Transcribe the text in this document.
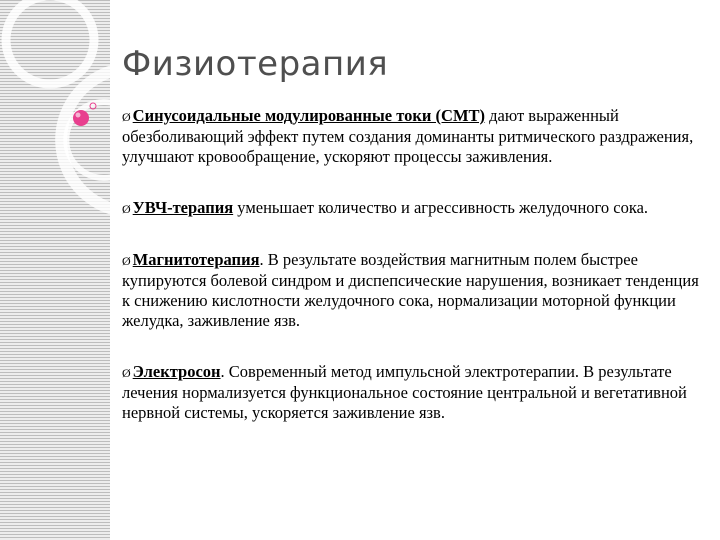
Физиотерапия

Ø Синусоидальные модулированные токи (СМТ) дают выраженный обезболивающий эффект путем создания доминанты ритмического раздражения, улучшают кровообращение, ускоряют процессы заживления.

Ø УВЧ-терапия уменьшает количество и агрессивность желудочного сока.

Ø Магнитотерапия. В результате воздействия магнитным полем быстрее купируются болевой синдром и диспепсические нарушения, возникает тенденция к снижению кислотности желудочного сока, нормализации моторной функции желудка, заживление язв.

Ø Электросон. Современный метод импульсной электротерапии. В результате лечения нормализуется функциональное состояние центральной и вегетативной нервной системы, ускоряется заживление язв.
